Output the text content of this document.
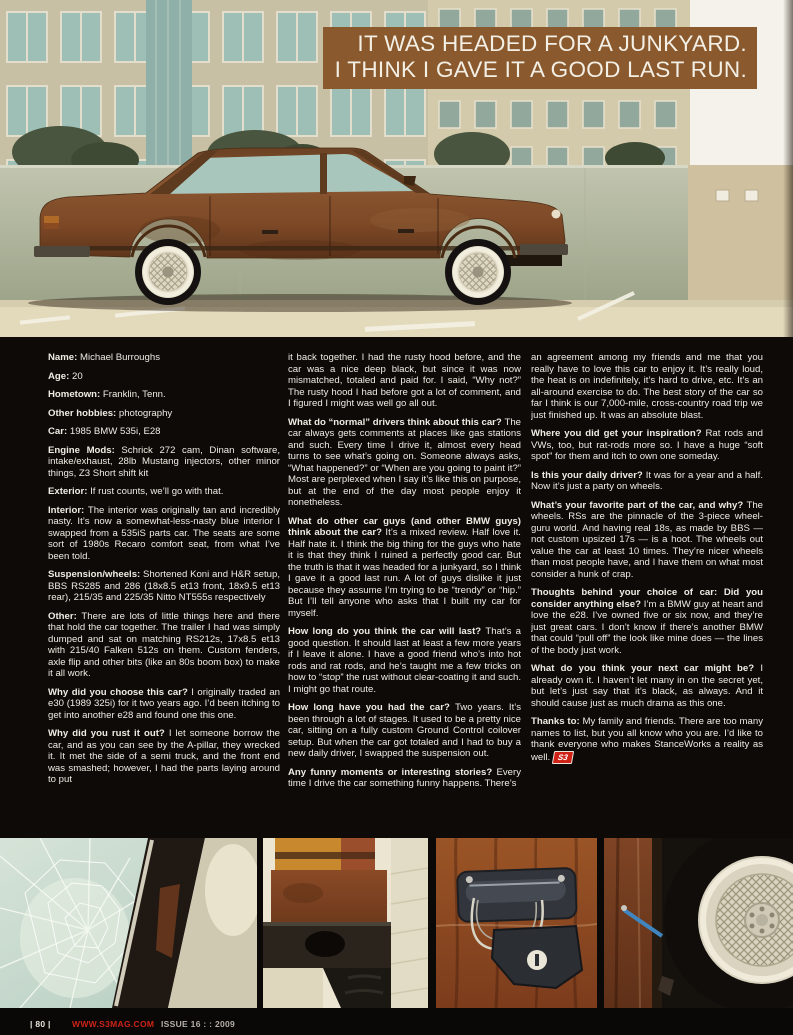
IT WAS HEADED FOR A JUNKYARD.
I THINK I GAVE IT A GOOD LAST RUN.

Name: Michael Burroughs

Age: 20

Hometown: Franklin, Tenn.

Other hobbies: photography

Car: 1985 BMW 535i, E28

Engine Mods: Schrick 272 cam, Dinan software, intake/exhaust, 28lb Mustang injectors, other minor things, Z3 Short shift kit

Exterior: If rust counts, we’ll go with that.

Interior: The interior was originally tan and incredibly nasty. It’s now a somewhat-less-nasty blue interior I swapped from a 535iS parts car. The seats are some sort of 1980s Recaro comfort seat, from what I’ve been told.

Suspension/wheels: Shortened Koni and H&R setup, BBS RS285 and 286 (18x8.5 et13 front, 18x9.5 et13 rear), 215/35 and 225/35 Nitto NT555s respectively

Other: There are lots of little things here and there that hold the car together. The trailer I had was simply dumped and sat on matching RS212s, 17x8.5 et13 with 215/40 Falken 512s on them. Custom fenders, axle flip and other bits (like an 80s boom box) to make it all work.

Why did you choose this car? I originally traded an e30 (1989 325i) for it two years ago. I’d been itching to get into another e28 and found one this one.

Why did you rust it out? I let someone borrow the car, and as you can see by the A-pillar, they wrecked it. It met the side of a semi truck, and the front end was smashed; however, I had the parts laying around to put

it back together. I had the rusty hood before, and the car was a nice deep black, but since it was now mismatched, totaled and paid for. I said, “Why not?” The rusty hood I had before got a lot of comment, and I figured I might was well go all out.

What do “normal” drivers think about this car? The car always gets comments at places like gas stations and such. Every time I drive it, almost every head turns to see what’s going on. Someone always asks, “What happened?” or “When are you going to paint it?” Most are perplexed when I say it’s like this on purpose, but at the end of the day most people enjoy it nonetheless.

What do other car guys (and other BMW guys) think about the car? It’s a mixed review. Half love it. Half hate it. I think the big thing for the guys who hate it is that they think I ruined a perfectly good car. But the truth is that it was headed for a junkyard, so I think I gave it a good last run. A lot of guys dislike it just because they assume I’m trying to be “trendy” or “hip.” But I’ll tell anyone who asks that I built my car for myself.

How long do you think the car will last? That’s a good question. It should last at least a few more years if I leave it alone. I have a good friend who’s into hot rods and rat rods, and he’s taught me a few tricks on how to “stop” the rust without clear-coating it and such. I might go that route.

How long have you had the car? Two years. It’s been through a lot of stages. It used to be a pretty nice car, sitting on a fully custom Ground Control coilover setup. But when the car got totaled and I had to buy a new daily driver, I swapped the suspension out.

Any funny moments or interesting stories? Every time I drive the car something funny happens. There’s

an agreement among my friends and me that you really have to love this car to enjoy it. It’s really loud, the heat is on indefinitely, it’s hard to drive, etc. It’s an all-around exercise to do. The best story of the car so far I think is our 7,000-mile, cross-country road trip we just finished up. It was an absolute blast.

Where you did get your inspiration? Rat rods and VWs, too, but rat-rods more so. I have a huge “soft spot” for them and itch to own one someday.

Is this your daily driver? It was for a year and a half. Now it’s just a party on wheels.

What’s your favorite part of the car, and why? The wheels. RSs are the pinnacle of the 3-piece wheel-guru world. And having real 18s, as made by BBS — not custom upsized 17s — is a hoot. The wheels out value the car at least 10 times. They’re nicer wheels than most people have, and I have them on what most consider a hunk of crap.

Thoughts behind your choice of car: Did you consider anything else? I’m a BMW guy at heart and love the e28. I’ve owned five or six now, and they’re just great cars. I don’t know if there’s another BMW that could “pull off” the look like mine does — the lines of the body just work.

What do you think your next car might be? I already own it. I haven’t let many in on the secret yet, but let’s just say that it’s black, as always. And it should cause just as much drama as this one.

Thanks to: My family and friends. There are too many names to list, but you all know who you are. I’d like to thank everyone who makes StanceWorks a reality as well. S3

| 80 |	WWW.S3MAG.COM ISSUE 16 : : 2009
